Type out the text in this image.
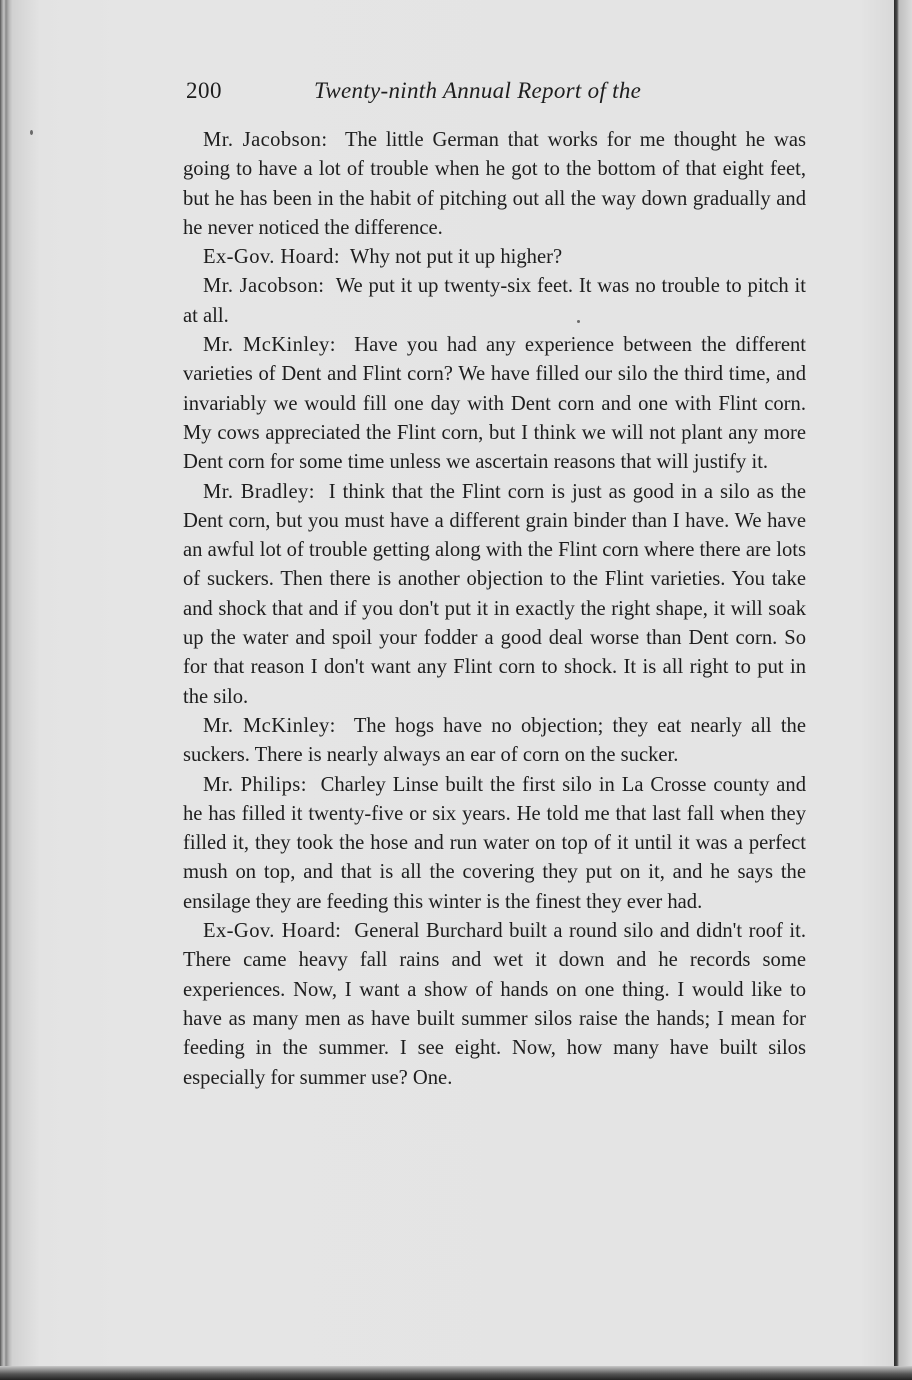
200	Twenty-ninth Annual Report of the

Mr. Jacobson: The little German that works for me thought he was going to have a lot of trouble when he got to the bottom of that eight feet, but he has been in the habit of pitching out all the way down gradually and he never noticed the difference.

Ex-Gov. Hoard: Why not put it up higher?

Mr. Jacobson: We put it up twenty-six feet. It was no trouble to pitch it at all.

Mr. McKinley: Have you had any experience between the different varieties of Dent and Flint corn? We have filled our silo the third time, and invariably we would fill one day with Dent corn and one with Flint corn. My cows appreciated the Flint corn, but I think we will not plant any more Dent corn for some time unless we ascertain reasons that will justify it.

Mr. Bradley: I think that the Flint corn is just as good in a silo as the Dent corn, but you must have a different grain binder than I have. We have an awful lot of trouble getting along with the Flint corn where there are lots of suckers. Then there is another objection to the Flint varieties. You take and shock that and if you don't put it in exactly the right shape, it will soak up the water and spoil your fodder a good deal worse than Dent corn. So for that reason I don't want any Flint corn to shock. It is all right to put in the silo.

Mr. McKinley: The hogs have no objection; they eat nearly all the suckers. There is nearly always an ear of corn on the sucker.

Mr. Philips: Charley Linse built the first silo in La Crosse county and he has filled it twenty-five or six years. He told me that last fall when they filled it, they took the hose and run water on top of it until it was a perfect mush on top, and that is all the covering they put on it, and he says the ensilage they are feeding this winter is the finest they ever had.

Ex-Gov. Hoard: General Burchard built a round silo and didn't roof it. There came heavy fall rains and wet it down and he records some experiences. Now, I want a show of hands on one thing. I would like to have as many men as have built summer silos raise the hands; I mean for feeding in the summer. I see eight. Now, how many have built silos especially for summer use? One.
